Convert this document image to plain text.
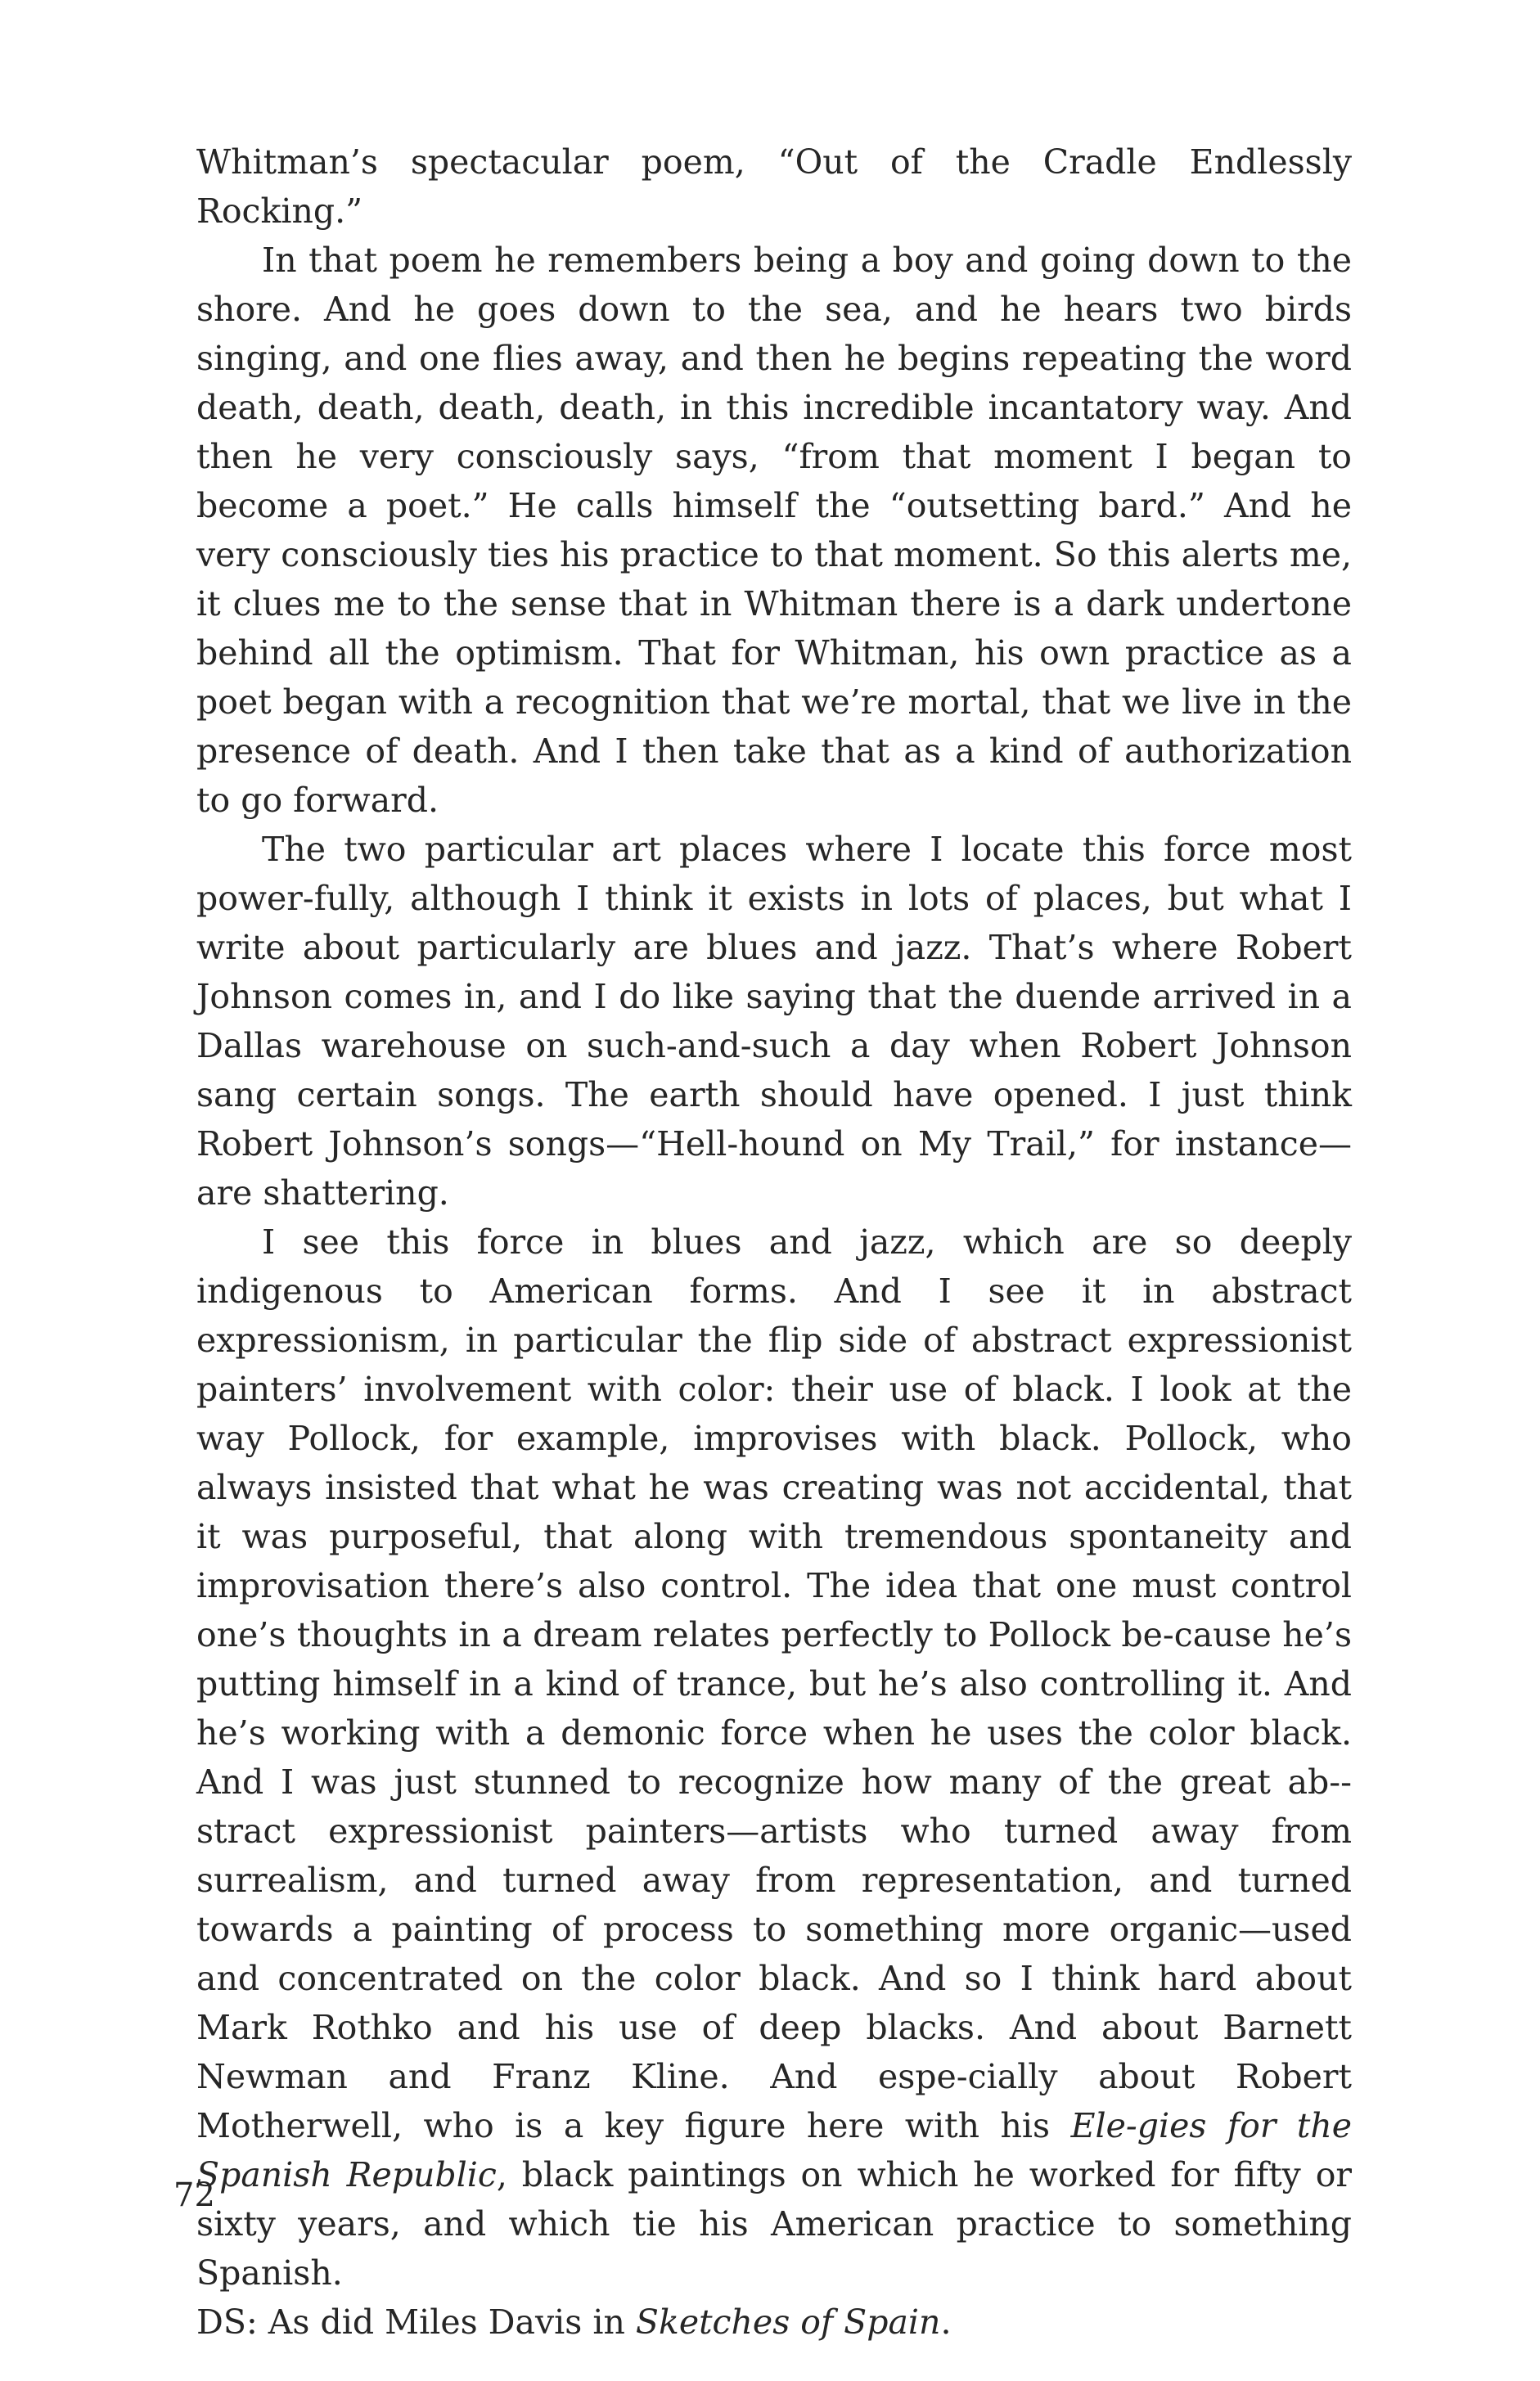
Whitman’s spectacular poem, “Out of the Cradle Endlessly Rocking.”

In that poem he remembers being a boy and going down to the shore. And he goes down to the sea, and he hears two birds singing, and one flies away, and then he begins repeating the word death, death, death, death, in this incredible incantatory way. And then he very consciously says, “from that moment I began to become a poet.” He calls himself the “outsetting bard.” And he very consciously ties his practice to that moment. So this alerts me, it clues me to the sense that in Whitman there is a dark undertone behind all the optimism. That for Whitman, his own practice as a poet began with a recognition that we’re mortal, that we live in the presence of death. And I then take that as a kind of authorization to go forward.

The two particular art places where I locate this force most power-fully, although I think it exists in lots of places, but what I write about particularly are blues and jazz. That’s where Robert Johnson comes in, and I do like saying that the duende arrived in a Dallas warehouse on such-and-such a day when Robert Johnson sang certain songs. The earth should have opened. I just think Robert Johnson’s songs—“Hell-hound on My Trail,” for instance—are shattering.

I see this force in blues and jazz, which are so deeply indigenous to American forms. And I see it in abstract expressionism, in particular the flip side of abstract expressionist painters’ involvement with color: their use of black. I look at the way Pollock, for example, improvises with black. Pollock, who always insisted that what he was creating was not accidental, that it was purposeful, that along with tremendous spontaneity and improvisation there’s also control. The idea that one must control one’s thoughts in a dream relates perfectly to Pollock be-cause he’s putting himself in a kind of trance, but he’s also controlling it. And he’s working with a demonic force when he uses the color black. And I was just stunned to recognize how many of the great ab-stract expressionist painters—artists who turned away from surrealism, and turned away from representation, and turned towards a painting of process to something more organic—used and concentrated on the color black. And so I think hard about Mark Rothko and his use of deep blacks. And about Barnett Newman and Franz Kline. And espe-cially about Robert Motherwell, who is a key figure here with his Ele-gies for the Spanish Republic, black paintings on which he worked for fifty or sixty years, and which tie his American practice to something Spanish.

DS: As did Miles Davis in Sketches of Spain.

72
